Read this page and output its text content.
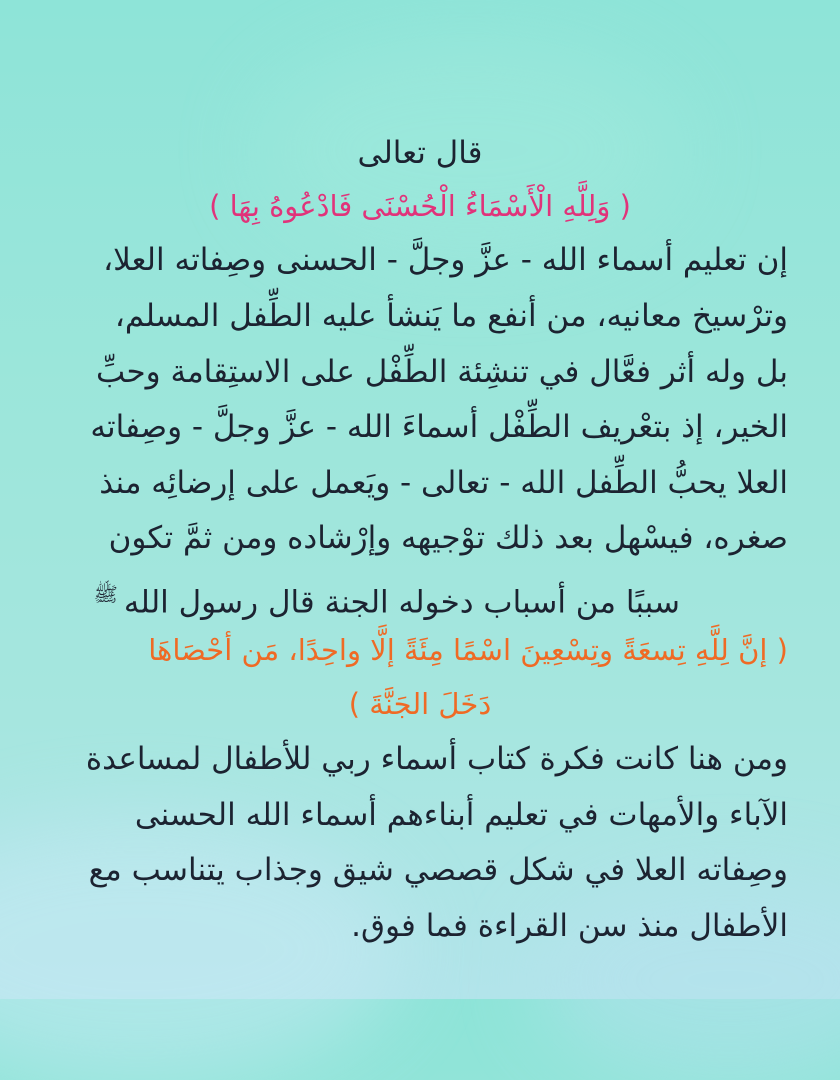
قال تعالى
( وَلِلَّهِ الْأَسْمَاءُ الْحُسْنَى فَادْعُوهُ بِهَا )
إن تعليم أسماء الله - عزَّ وجلَّ - الحسنى وصِفاته العلا،
وترْسيخ معانيه، من أنفع ما يَنشأ عليه الطِّفل المسلم،
بل وله أثر فعَّال في تنشِئة الطِّفْل على الاستِقامة وحبِّ
الخير، إذ بتعْريف الطِّفْل أسماءَ الله - عزَّ وجلَّ - وصِفاته
العلا يحبُّ الطِّفل الله - تعالى - ويَعمل على إرضائِه منذ
صغره، فيسْهل بعد ذلك توْجيهه وإرْشاده ومن ثمَّ تكون
سببًا من أسباب دخوله الجنة قال رسول اللهﷺ
( إنَّ لِلَّهِ تِسعَةً وتِسْعِينَ اسْمًا مِئَةً إلَّا واحِدًا، مَن أحْصَاهَا
دَخَلَ الجَنَّةَ )
ومن هنا كانت فكرة كتاب أسماء ربي للأطفال لمساعدة
الآباء والأمهات في تعليم أبناءهم أسماء الله الحسنى
وصِفاته العلا في شكل قصصي شيق وجذاب يتناسب مع
الأطفال منذ سن القراءة فما فوق.
